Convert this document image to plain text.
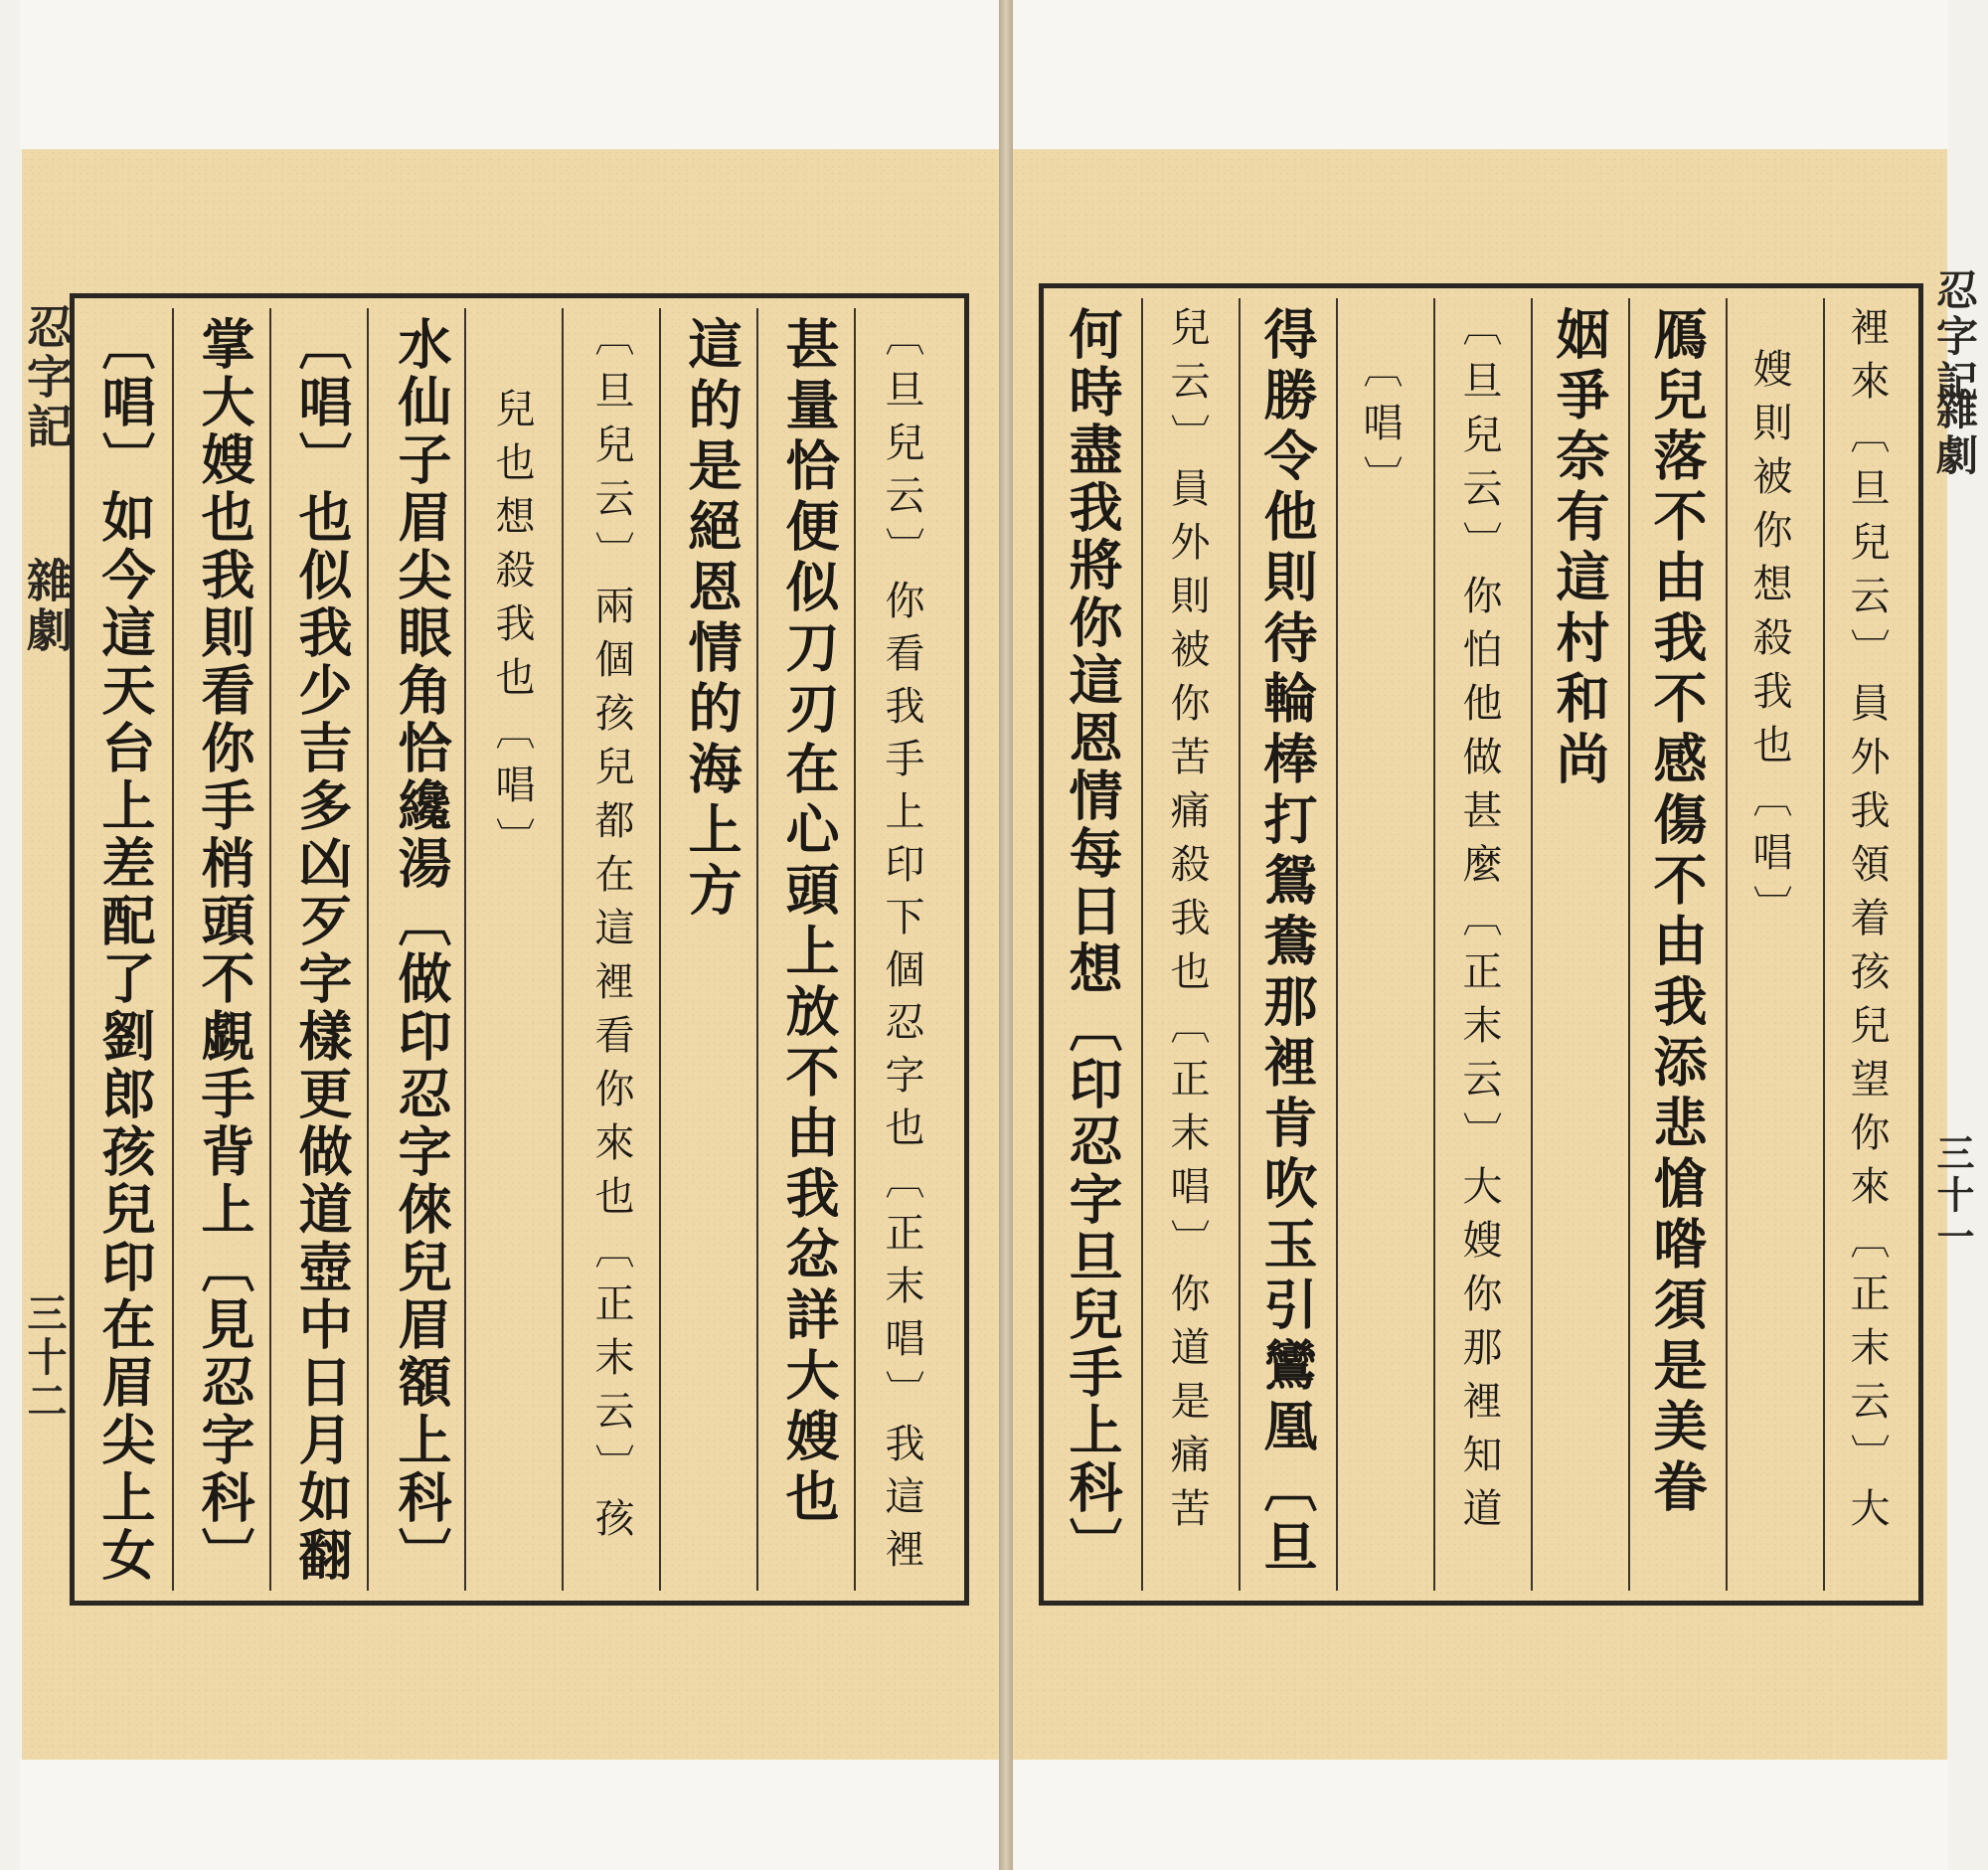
忍字記
雜劇
三十二
忍字記
雜劇
三十一
〔旦兒云〕你看我手上印下個忍字也〔正末唱〕我這裡
甚量恰便似刀刃在心頭上放不由我忿詳大嫂也
這的是絕恩情的海上方
〔旦兒云〕兩個孩兒都在這裡看你來也〔正末云〕孩
兒也想殺我也〔唱〕
水仙子眉尖眼角恰纔湯〔做印忍字倈兒眉額上科〕
〔唱〕也似我少吉多凶歹字樣更做道壺中日月如翻
掌大嫂也我則看你手梢頭不覷手背上〔見忍字科〕
〔唱〕如今這天台上差配了劉郎孩兒印在眉尖上女	裡來〔旦兒云〕員外我領着孩兒望你來〔正末云〕大
嫂則被你想殺我也〔唱〕
鴈兒落不由我不感傷不由我添悲愴喒須是美眷
姻爭奈有這村和尚
〔旦兒云〕你怕他做甚麼〔正末云〕大嫂你那裡知道
〔唱〕
得勝令他則待輪棒打鴛鴦那裡肯吹玉引鸞凰〔旦
兒云〕員外則被你苦痛殺我也〔正末唱〕你道是痛苦
何時盡我將你這恩情每日想〔印忍字旦兒手上科〕
